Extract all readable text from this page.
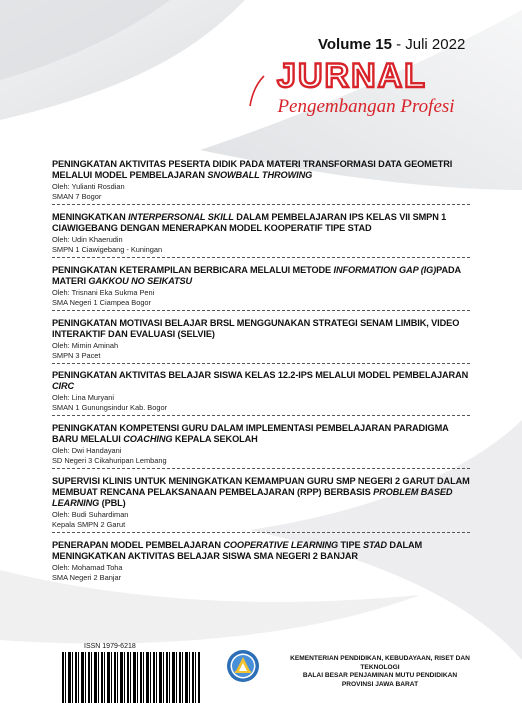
Volume 15 - Juli 2022
JURNAL
Pengembangan Profesi

PENINGKATAN AKTIVITAS PESERTA DIDIK PADA MATERI TRANSFORMASI DATA GEOMETRI MELALUI MODEL PEMBELAJARAN SNOWBALL THROWING

Oleh: Yulianti Rosdian

SMAN 7 Bogor

MENINGKATKAN INTERPERSONAL SKILL DALAM PEMBELAJARAN IPS KELAS VII SMPN 1 CIAWIGEBANG DENGAN MENERAPKAN MODEL KOOPERATIF TIPE STAD

Oleh: Udin Khaerudin

SMPN 1 Ciawigebang - Kuningan

PENINGKATAN KETERAMPILAN BERBICARA MELALUI METODE INFORMATION GAP (IG)PADA MATERI GAKKOU NO SEIKATSU

Oleh: Trisnani Eka Sukma Peni

SMA Negeri 1 Ciampea Bogor

PENINGKATAN MOTIVASI BELAJAR BRSL MENGGUNAKAN STRATEGI SENAM LIMBIK, VIDEO INTERAKTIF DAN EVALUASI (SELVIE)

Oleh: Mimin Aminah

SMPN 3 Pacet

PENINGKATAN AKTIVITAS BELAJAR SISWA KELAS 12.2-IPS MELALUI MODEL PEMBELAJARAN CIRC

Oleh: Lina Muryani

SMAN 1 Gunungsindur Kab. Bogor

PENINGKATAN KOMPETENSI GURU DALAM IMPLEMENTASI PEMBELAJARAN PARADIGMA BARU MELALUI COACHING KEPALA SEKOLAH

Oleh: Dwi Handayani

SD Negeri 3 Cikahuripan Lembang

SUPERVISI KLINIS UNTUK MENINGKATKAN KEMAMPUAN GURU SMP NEGERI 2 GARUT DALAM MEMBUAT RENCANA PELAKSANAAN PEMBELAJARAN (RPP) BERBASIS PROBLEM BASED LEARNING (PBL)

Oleh: Budi Suhardiman

Kepala SMPN 2 Garut

PENERAPAN MODEL PEMBELAJARAN COOPERATIVE LEARNING TIPE STAD DALAM MENINGKATKAN AKTIVITAS BELAJAR SISWA SMA NEGERI 2 BANJAR

Oleh: Mohamad Toha

SMA Negeri 2 Banjar

ISSN 1979-6218
KEMENTERIAN PENDIDIKAN, KEBUDAYAAN, RISET DAN TEKNOLOGI
BALAI BESAR PENJAMINAN MUTU PENDIDIKAN
PROVINSI JAWA BARAT
